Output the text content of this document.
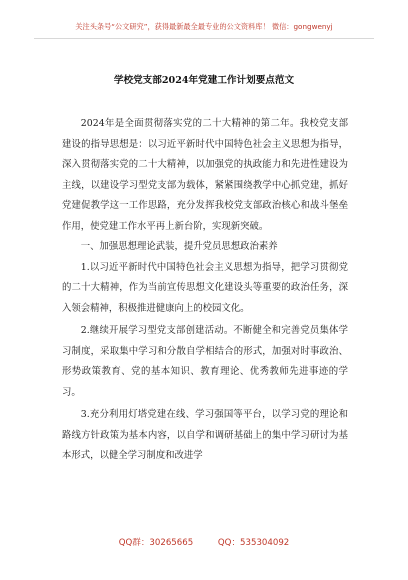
关注头条号“公文研究”，获得最新最全最专业的公文资料库！ 微信：gongwenyj
学校党支部2024年党建工作计划要点范文

2024年是全面贯彻落实党的二十大精神的第二年。我校党支部建设的指导思想是：以习近平新时代中国特色社会主义思想为指导，深入贯彻落实党的二十大精神，以加强党的执政能力和先进性建设为主线，以建设学习型党支部为载体，紧紧围绕教学中心抓党建，抓好党建促教学这一工作思路，充分发挥我校党支部政治核心和战斗堡垒作用，使党建工作水平再上新台阶，实现新突破。

一、加强思想理论武装，提升党员思想政治素养

1.以习近平新时代中国特色社会主义思想为指导，把学习贯彻党的二十大精神，作为当前宣传思想文化建设头等重要的政治任务，深入领会精神，积极推进健康向上的校园文化。

2.继续开展学习型党支部创建活动。不断健全和完善党员集体学习制度，采取集中学习和分散自学相结合的形式，加强对时事政治、形势政策教育、党的基本知识、教育理论、优秀教师先进事迹的学习。

3.充分利用灯塔党建在线、学习强国等平台，以学习党的理论和路线方针政策为基本内容，以自学和调研基础上的集中学习研讨为基本形式，以健全学习制度和改进学

QQ群：30265665	QQ：535304092
